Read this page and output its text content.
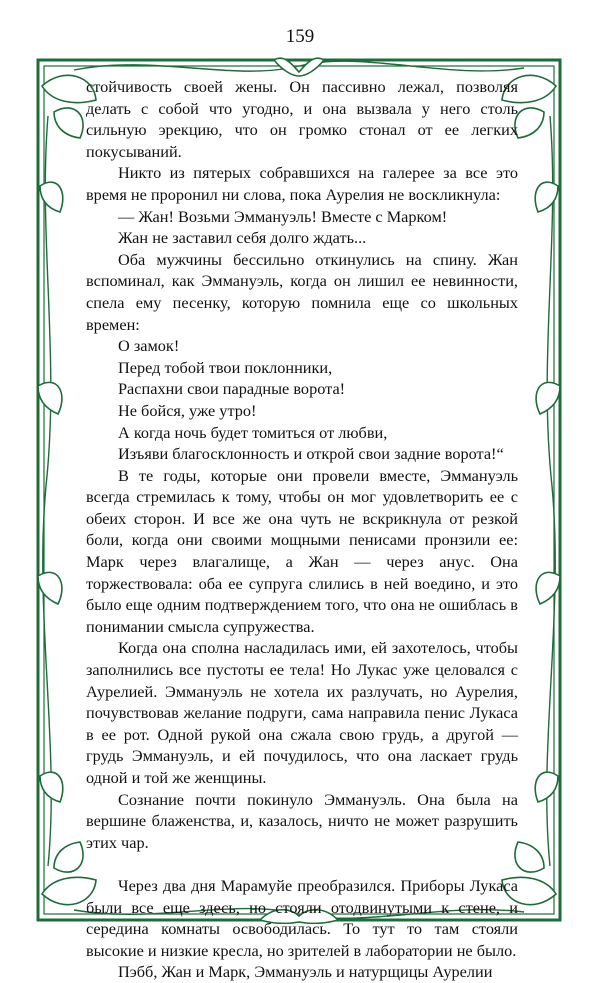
159

стойчивость своей жены. Он пассивно лежал, позволяя делать с собой что угодно, и она вызвала у него столь сильную эрекцию, что он громко стонал от ее легких покусываний.

Никто из пятерых собравшихся на галерее за все это время не проронил ни слова, пока Аурелия не воскликнула:

— Жан! Возьми Эммануэль! Вместе с Марком!

Жан не заставил себя долго ждать...

Оба мужчины бессильно откинулись на спину. Жан вспоминал, как Эммануэль, когда он лишил ее невинности, спела ему песенку, которую помнила еще со школьных времен:

О замок!

Перед тобой твои поклонники,

Распахни свои парадные ворота!

Не бойся, уже утро!

А когда ночь будет томиться от любви,

Изъяви благосклонность и открой свои задние ворота!“

В те годы, которые они провели вместе, Эммануэль всегда стремилась к тому, чтобы он мог удовлетворить ее с обеих сторон. И все же она чуть не вскрикнула от резкой боли, когда они своими мощными пенисами пронзили ее: Марк через влагалище, а Жан — через анус. Она торжествовала: оба ее супруга слились в ней воедино, и это было еще одним подтверждением того, что она не ошиблась в понимании смысла супружества.

Когда она сполна насладилась ими, ей захотелось, чтобы заполнились все пустоты ее тела! Но Лукас уже целовался с Аурелией. Эммануэль не хотела их разлучать, но Аурелия, почувствовав желание подруги, сама направила пенис Лукаса в ее рот. Одной рукой она сжала свою грудь, а другой — грудь Эммануэль, и ей почудилось, что она ласкает грудь одной и той же женщины.

Сознание почти покинуло Эммануэль. Она была на вершине блаженства, и, казалось, ничто не может разрушить этих чар.

Через два дня Марамуйе преобразился. Приборы Лукаса были все еще здесь, но стояли отодвинутыми к стене, и середина комнаты освободилась. То тут то там стояли высокие и низкие кресла, но зрителей в лаборатории не было.

Пэбб, Жан и Марк, Эммануэль и натурщицы Аурелии
